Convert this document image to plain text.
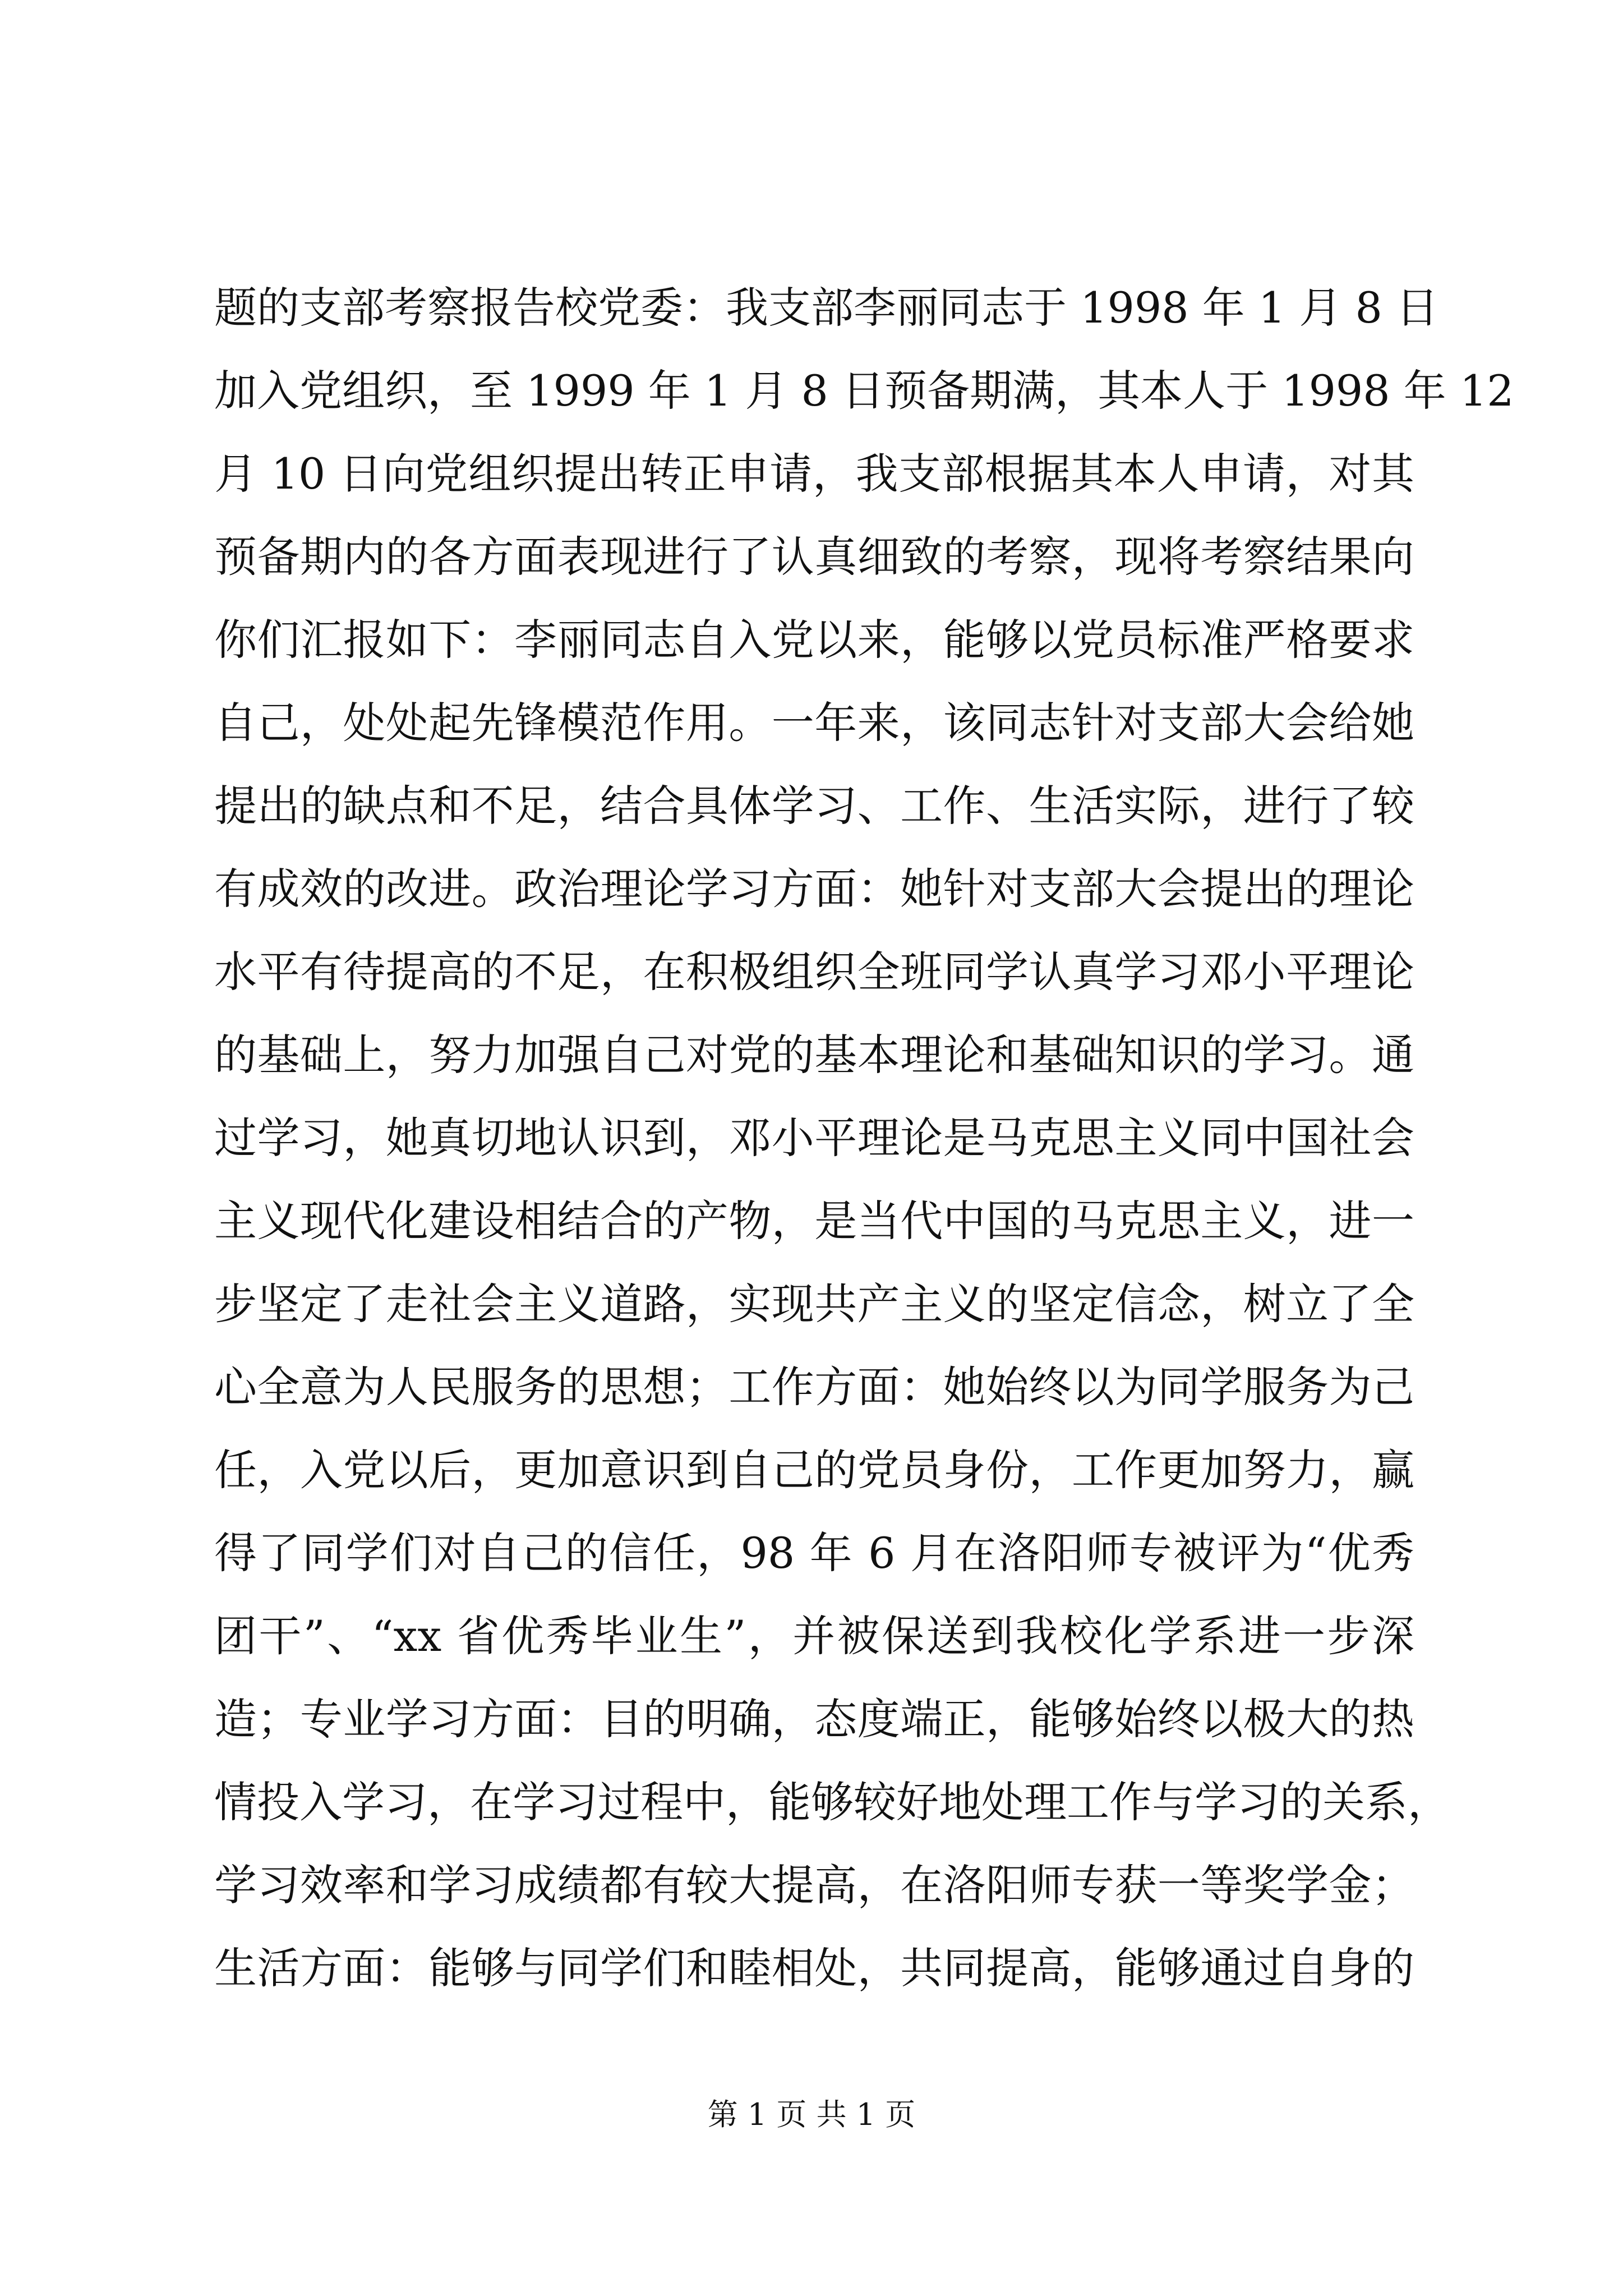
题的支部考察报告校党委：我支部李丽同志于 1998 年 1 月 8 日
加入党组织，至 1999 年 1 月 8 日预备期满，其本人于 1998 年 12
月 10 日向党组织提出转正申请，我支部根据其本人申请，对其
预备期内的各方面表现进行了认真细致的考察，现将考察结果向
你们汇报如下：李丽同志自入党以来，能够以党员标准严格要求
自己，处处起先锋模范作用。一年来，该同志针对支部大会给她
提出的缺点和不足，结合具体学习、工作、生活实际，进行了较
有成效的改进。政治理论学习方面：她针对支部大会提出的理论
水平有待提高的不足，在积极组织全班同学认真学习邓小平理论
的基础上，努力加强自己对党的基本理论和基础知识的学习。通
过学习，她真切地认识到，邓小平理论是马克思主义同中国社会
主义现代化建设相结合的产物，是当代中国的马克思主义，进一
步坚定了走社会主义道路，实现共产主义的坚定信念，树立了全
心全意为人民服务的思想；工作方面：她始终以为同学服务为己
任，入党以后，更加意识到自己的党员身份，工作更加努力，赢
得了同学们对自己的信任，98 年 6 月在洛阳师专被评为“优秀
团干”、“xx 省优秀毕业生”，并被保送到我校化学系进一步深
造；专业学习方面：目的明确，态度端正，能够始终以极大的热
情投入学习，在学习过程中，能够较好地处理工作与学习的关系，
学习效率和学习成绩都有较大提高，在洛阳师专获一等奖学金；
生活方面：能够与同学们和睦相处，共同提高，能够通过自身的
第 1 页 共 1 页
